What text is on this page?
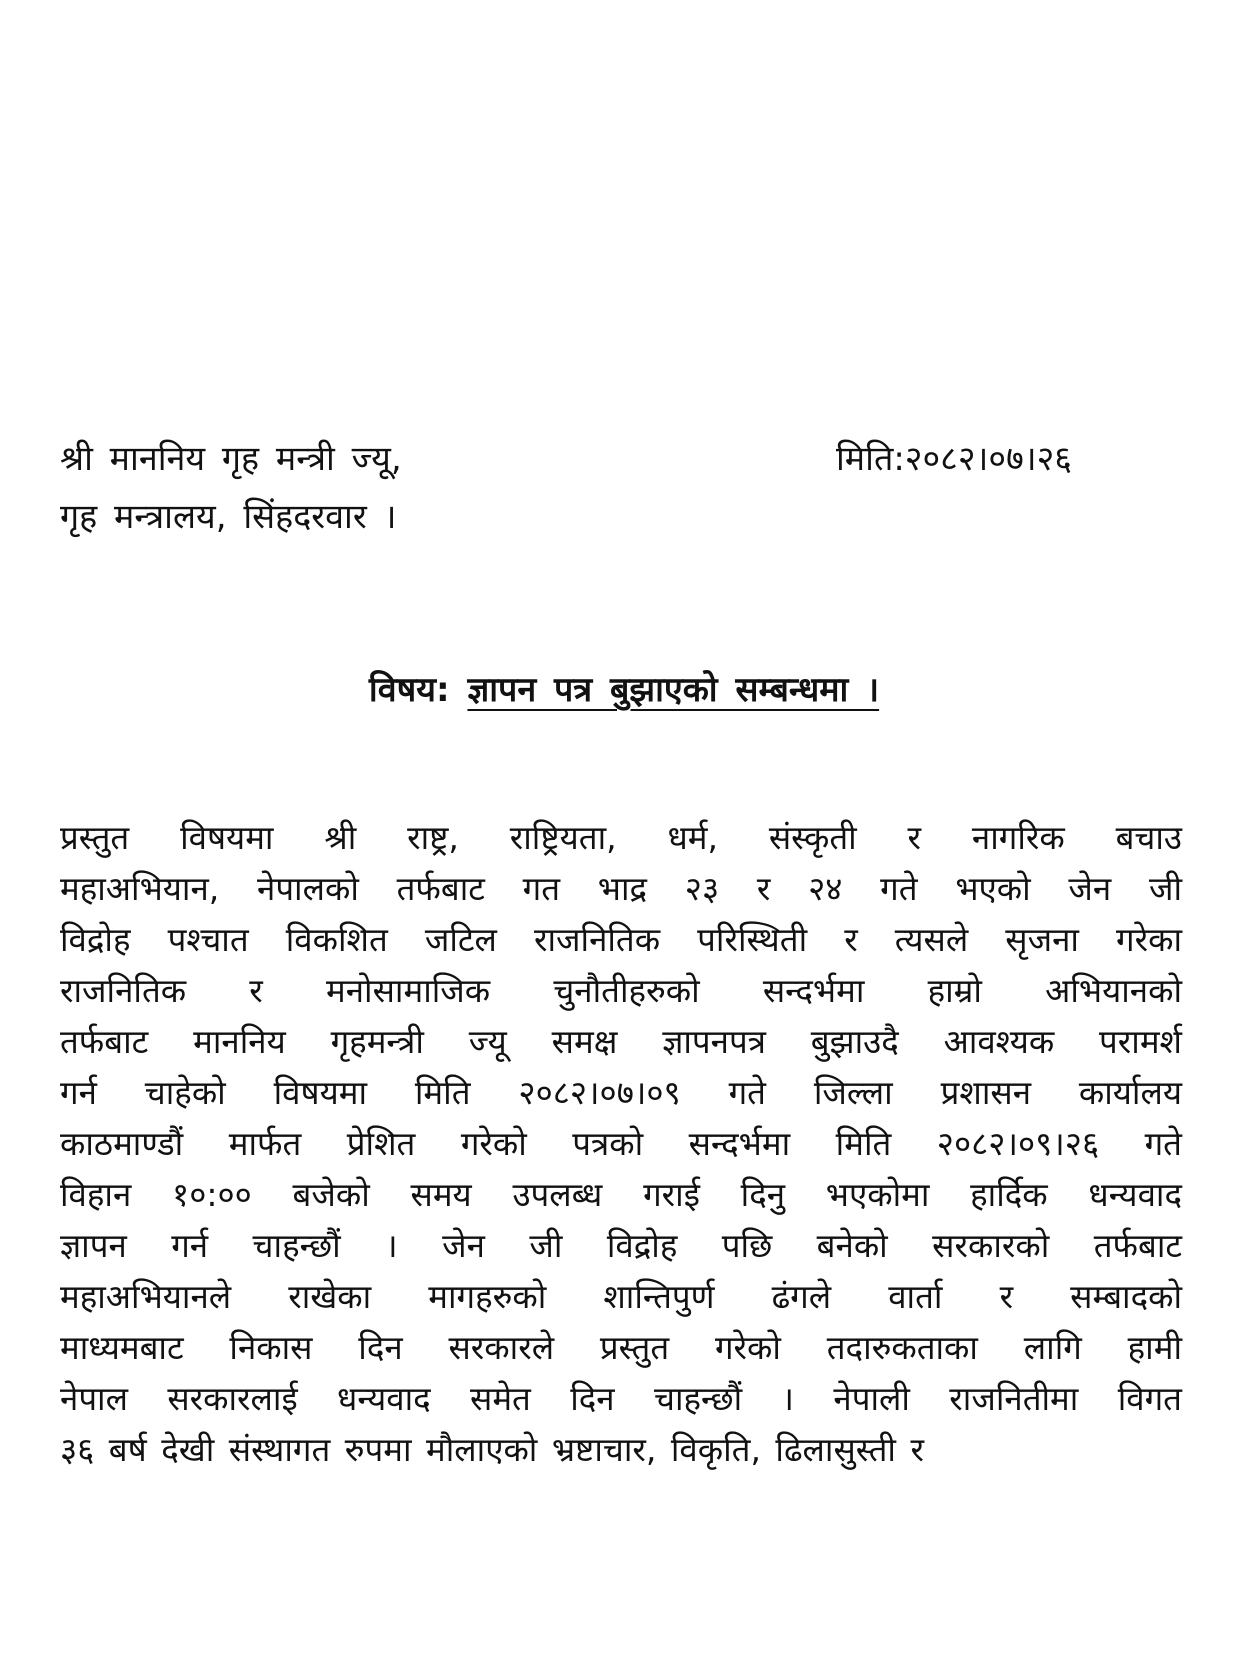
श्री माननिय गृह मन्त्री ज्यू,
गृह मन्त्रालय, सिंहदरवार ।
मिति:२०८२।०७।२६
विषय: ज्ञापन पत्र बुझाएको सम्बन्धमा ।
प्रस्तुत विषयमा श्री राष्ट्र, राष्ट्रियता, धर्म, संस्कृती र नागरिक बचाउ
महाअभियान, नेपालको तर्फबाट गत भाद्र २३ र २४ गते भएको जेन जी
विद्रोह पश्चात विकशित जटिल राजनितिक परिस्थिती र त्यसले सृजना गरेका
राजनितिक र मनोसामाजिक चुनौतीहरुको सन्दर्भमा हाम्रो अभियानको
तर्फबाट माननिय गृहमन्त्री ज्यू समक्ष ज्ञापनपत्र बुझाउदै आवश्यक परामर्श
गर्न चाहेको विषयमा मिति २०८२।०७।०९ गते जिल्ला प्रशासन कार्यालय
काठमाण्डौं मार्फत प्रेशित गरेको पत्रको सन्दर्भमा मिति २०८२।०९।२६ गते
विहान १०:०० बजेको समय उपलब्ध गराई दिनु भएकोमा हार्दिक धन्यवाद
ज्ञापन गर्न चाहन्छौं । जेन जी विद्रोह पछि बनेको सरकारको तर्फबाट
महाअभियानले राखेका मागहरुको शान्तिपुर्ण ढंगले वार्ता र सम्बादको
माध्यमबाट निकास दिन सरकारले प्रस्तुत गरेको तदारुकताका लागि हामी
नेपाल सरकारलाई धन्यवाद समेत दिन चाहन्छौं । नेपाली राजनितीमा विगत
३६ बर्ष देखी संस्थागत रुपमा मौलाएको भ्रष्टाचार, विकृति, ढिलासुस्ती र
